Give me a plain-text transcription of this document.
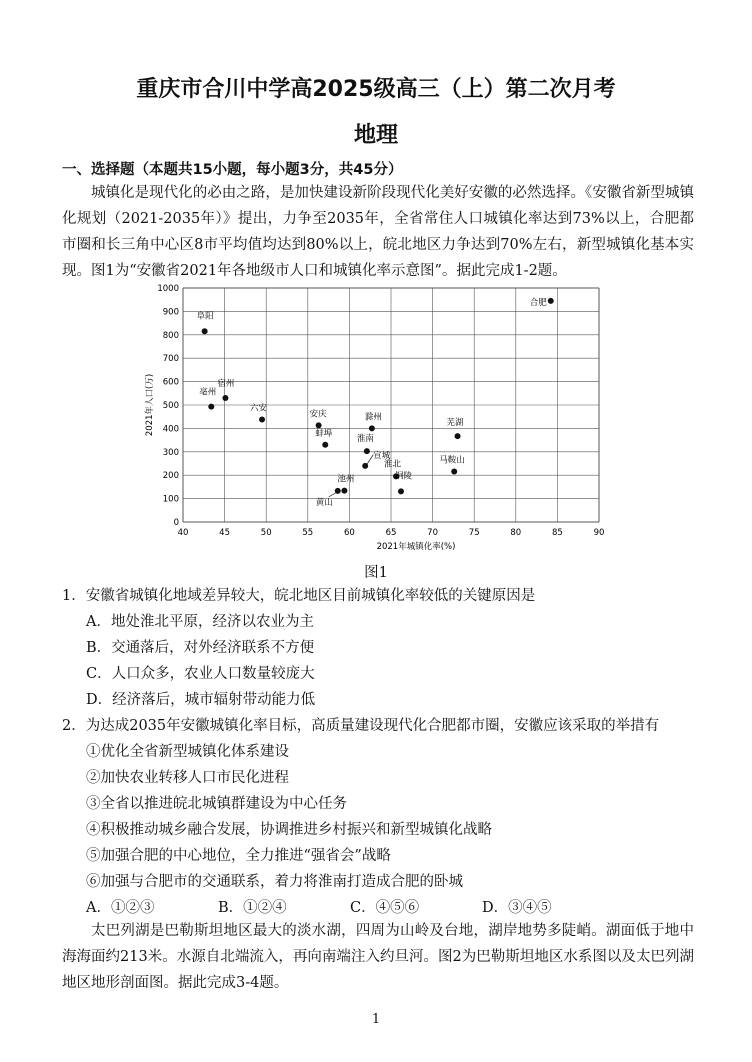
重庆市合川中学高2025级高三（上）第二次月考
地理
一、选择题（本题共15小题，每小题3分，共45分）
城镇化是现代化的必由之路，是加快建设新阶段现代化美好安徽的必然选择。《安徽省新型城镇化规划（2021-2035年）》提出，力争至2035年，全省常住人口城镇化率达到73%以上，合肥都市圈和长三角中心区8市平均值均达到80%以上，皖北地区力争达到70%左右，新型城镇化基本实现。图1为“安徽省2021年各地级市人口和城镇化率示意图”。据此完成1-2题。
40	45	50	55	60	65	70	75	80	85	90
0
100
200
300
400
500
600
700
800
900
1000
合肥
阜阳
宿州
亳州
六安
安庆	滁州
蚌埠
芜湖
淮南
宣城
淮北	马鞍山
池州
黄山
铜陵
2021年城镇化率(%)
2021年人口(万)
图1
1．安徽省城镇化地域差异较大，皖北地区目前城镇化率较低的关键原因是
A．地处淮北平原，经济以农业为主
B．交通落后，对外经济联系不方便
C．人口众多，农业人口数量较庞大
D．经济落后，城市辐射带动能力低
2．为达成2035年安徽城镇化率目标，高质量建设现代化合肥都市圈，安徽应该采取的举措有
①优化全省新型城镇化体系建设
②加快农业转移人口市民化进程
③全省以推进皖北城镇群建设为中心任务
④积极推动城乡融合发展，协调推进乡村振兴和新型城镇化战略
⑤加强合肥的中心地位，全力推进“强省会”战略
⑥加强与合肥市的交通联系，着力将淮南打造成合肥的卧城
A．①②③	B．①②④	C．④⑤⑥	D．③④⑤
太巴列湖是巴勒斯坦地区最大的淡水湖，四周为山岭及台地，湖岸地势多陡峭。湖面低于地中海海面约213米。水源自北端流入，再向南端注入约旦河。图2为巴勒斯坦地区水系图以及太巴列湖地区地形剖面图。据此完成3-4题。
1
